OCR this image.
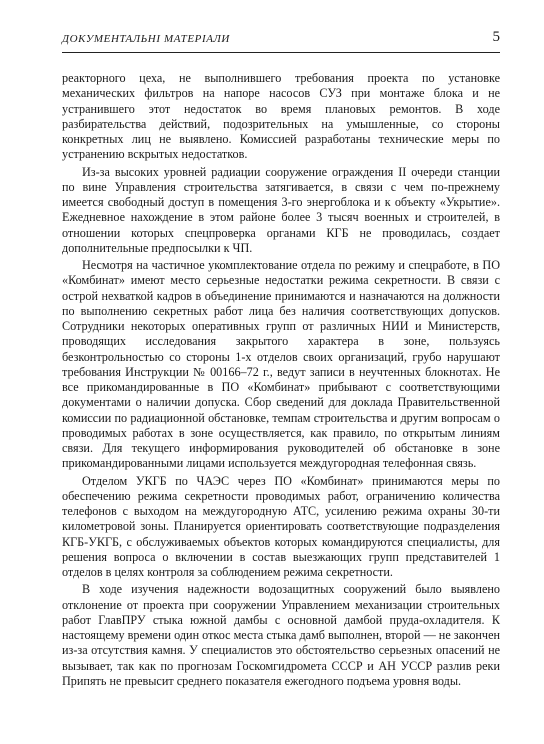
ДОКУМЕНТАЛЬНІ МАТЕРІАЛИ	5

реакторного цеха, не выполнившего требования проекта по установке механических фильтров на напоре насосов СУЗ при монтаже блока и не устранившего этот недостаток во время плановых ремонтов. В ходе разбирательства действий, подозрительных на умышленные, со стороны конкретных лиц не выявлено. Комиссией разработаны технические меры по устранению вскрытых недостатков.

Из-за высоких уровней радиации сооружение ограждения II очереди станции по вине Управления строительства затягивается, в связи с чем по-прежнему имеется свободный доступ в помещения 3-го энергоблока и к объекту «Укрытие». Ежедневное нахождение в этом районе более 3 тысяч военных и строителей, в отношении которых спецпроверка органами КГБ не проводилась, создает дополнительные предпосылки к ЧП.

Несмотря на частичное укомплектование отдела по режиму и спецработе, в ПО «Комбинат» имеют место серьезные недостатки режима секретности. В связи с острой нехваткой кадров в объединение принимаются и назначаются на должности по выполнению секретных работ лица без наличия соответствующих допусков. Сотрудники некоторых оперативных групп от различных НИИ и Министерств, проводящих исследования закрытого характера в зоне, пользуясь безконтрольностью со стороны 1-х отделов своих организаций, грубо нарушают требования Инструкции № 00166–72 г., ведут записи в неучтенных блокнотах. Не все прикомандированные в ПО «Комбинат» прибывают с соответствующими документами о наличии допуска. Сбор сведений для доклада Правительственной комиссии по радиационной обстановке, темпам строительства и другим вопросам о проводимых работах в зоне осуществляется, как правило, по открытым линиям связи. Для текущего информирования руководителей об обстановке в зоне прикомандированными лицами используется междугородная телефонная связь.

Отделом УКГБ по ЧАЭС через ПО «Комбинат» принимаются меры по обеспечению режима секретности проводимых работ, ограничению количества телефонов с выходом на междугородную АТС, усилению режима охраны 30-ти километровой зоны. Планируется ориентировать соответствующие подразделения КГБ-УКГБ, с обслуживаемых объектов которых командируются специалисты, для решения вопроса о включении в состав выезжающих групп представителей 1 отделов в целях контроля за соблюдением режима секретности.

В ходе изучения надежности водозащитных сооружений было выявлено отклонение от проекта при сооружении Управлением механизации строительных работ ГлавПРУ стыка южной дамбы с основной дамбой пруда-охладителя. К настоящему времени один откос места стыка дамб выполнен, второй — не закончен из-за отсутствия камня. У специалистов это обстоятельство серьезных опасений не вызывает, так как по прогнозам Госкомгидромета СССР и АН УССР разлив реки Припять не превысит среднего показателя ежегодного подъема уровня воды.
